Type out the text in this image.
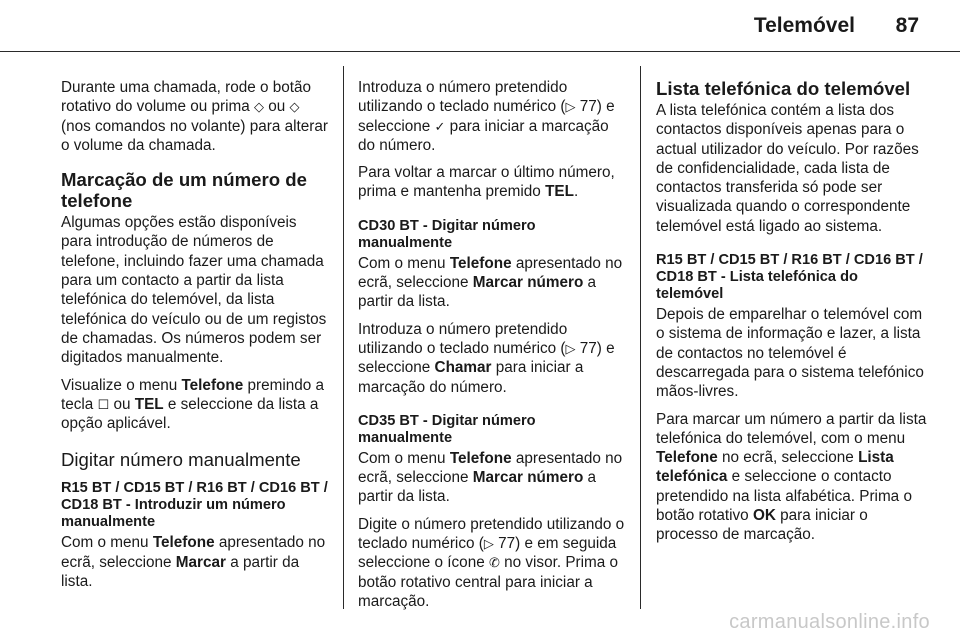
Telemóvel 87

Durante uma chamada, rode o botão rotativo do volume ou prima ◇ ou ◇ (nos comandos no volante) para alterar o volume da chamada.

Marcação de um número de telefone

Algumas opções estão disponíveis para introdução de números de telefone, incluindo fazer uma chamada para um contacto a partir da lista telefónica do telemóvel, da lista telefónica do veículo ou de um registos de chamadas. Os números podem ser digitados manualmente.

Visualize o menu Telefone premindo a tecla ☐ ou TEL e seleccione da lista a opção aplicável.

Digitar número manualmente
R15 BT / CD15 BT / R16 BT / CD16 BT / CD18 BT - Introduzir um número manualmente

Com o menu Telefone apresentado no ecrã, seleccione Marcar a partir da lista.

Introduza o número pretendido utilizando o teclado numérico (▷ 77) e seleccione ✓ para iniciar a marcação do número.

Para voltar a marcar o último número, prima e mantenha premido TEL.

CD30 BT - Digitar número manualmente

Com o menu Telefone apresentado no ecrã, seleccione Marcar número a partir da lista.

Introduza o número pretendido utilizando o teclado numérico (▷ 77) e seleccione Chamar para iniciar a marcação do número.

CD35 BT - Digitar número manualmente

Com o menu Telefone apresentado no ecrã, seleccione Marcar número a partir da lista.

Digite o número pretendido utilizando o teclado numérico (▷ 77) e em seguida seleccione o ícone ✆ no visor. Prima o botão rotativo central para iniciar a marcação.

Lista telefónica do telemóvel

A lista telefónica contém a lista dos contactos disponíveis apenas para o actual utilizador do veículo. Por razões de confidencialidade, cada lista de contactos transferida só pode ser visualizada quando o correspondente telemóvel está ligado ao sistema.

R15 BT / CD15 BT / R16 BT / CD16 BT / CD18 BT - Lista telefónica do telemóvel

Depois de emparelhar o telemóvel com o sistema de informação e lazer, a lista de contactos no telemóvel é descarregada para o sistema telefónico mãos-livres.

Para marcar um número a partir da lista telefónica do telemóvel, com o menu Telefone no ecrã, seleccione Lista telefónica e seleccione o contacto pretendido na lista alfabética. Prima o botão rotativo OK para iniciar o processo de marcação.

carmanualsonline.info
